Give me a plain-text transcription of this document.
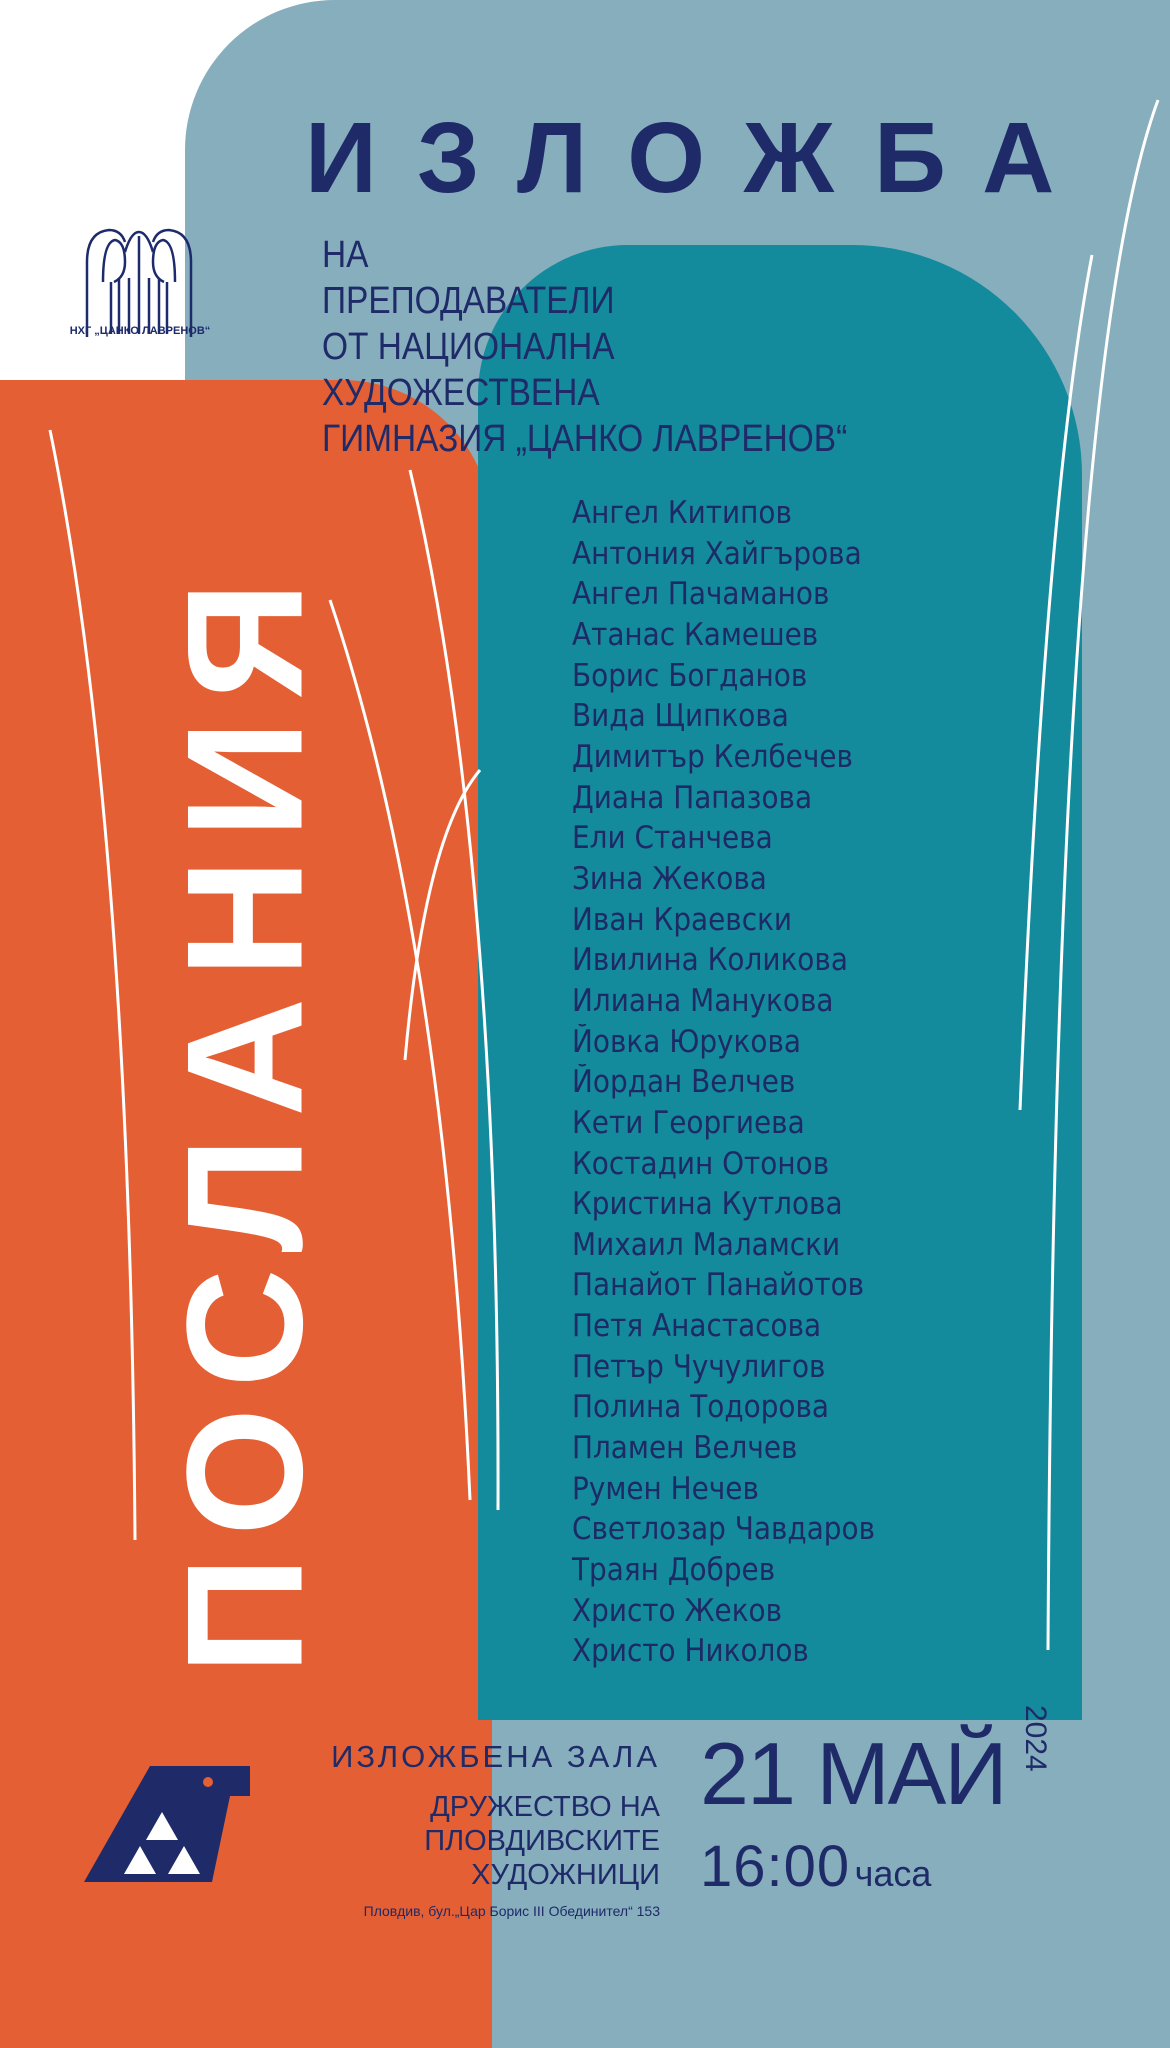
НХГ „ЦАНКО ЛАВРЕНОВ“
ИЗЛОЖБА
НА
ПРЕПОДАВАТЕЛИ
ОТ НАЦИОНАЛНА
ХУДОЖЕСТВЕНА
ГИМНАЗИЯ „ЦАНКО ЛАВРЕНОВ“
ПОСЛАНИЯ
Ангел Китипов
Антония Хайгърова
Ангел Пачаманов
Атанас Камешев
Борис Богданов
Вида Щипкова
Димитър Келбечев
Диана Папазова
Ели Станчева
Зина Жекова
Иван Краевски
Ивилина Коликова
Илиана Манукова
Йовка Юрукова
Йордан Велчев
Кети Георгиева
Костадин Отонов
Кристина Кутлова
Михаил Маламски
Панайот Панайотов
Петя Анастасова
Петър Чучулигов
Полина Тодорова
Пламен Велчев
Румен Нечев
Светлозар Чавдаров
Траян Добрев
Христо Жеков
Христо Николов
ИЗЛОЖБЕНА ЗАЛА
ДРУЖЕСТВО НА
ПЛОВДИВСКИТЕ
ХУДОЖНИЦИ
Пловдив, бул.„Цар Борис III Обединител“ 153
21 МАЙ 2024
16:00 часа
